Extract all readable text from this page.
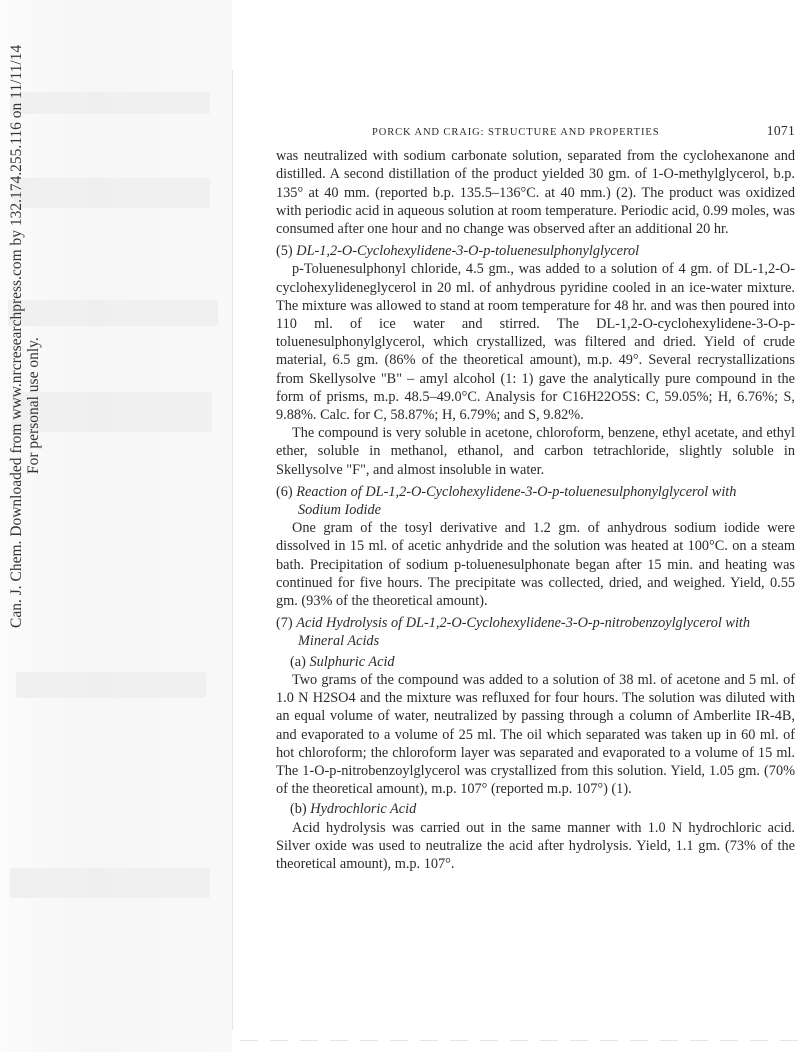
Can. J. Chem. Downloaded from www.nrcresearchpress.com by 132.174.255.116 on 11/11/14 For personal use only.
PORCK AND CRAIG: STRUCTURE AND PROPERTIES	1071

was neutralized with sodium carbonate solution, separated from the cyclohexanone and distilled. A second distillation of the product yielded 30 gm. of 1-O-methylglycerol, b.p. 135° at 40 mm. (reported b.p. 135.5–136°C. at 40 mm.) (2). The product was oxidized with periodic acid in aqueous solution at room temperature. Periodic acid, 0.99 moles, was consumed after one hour and no change was observed after an additional 20 hr.

(5) DL-1,2-O-Cyclohexylidene-3-O-p-toluenesulphonylglycerol

p-Toluenesulphonyl chloride, 4.5 gm., was added to a solution of 4 gm. of DL-1,2-O-cyclohexylideneglycerol in 20 ml. of anhydrous pyridine cooled in an ice-water mixture. The mixture was allowed to stand at room temperature for 48 hr. and was then poured into 110 ml. of ice water and stirred. The DL-1,2-O-cyclohexylidene-3-O-p-toluenesulphonylglycerol, which crystallized, was filtered and dried. Yield of crude material, 6.5 gm. (86% of the theoretical amount), m.p. 49°. Several recrystallizations from Skellysolve "B" – amyl alcohol (1: 1) gave the analytically pure compound in the form of prisms, m.p. 48.5–49.0°C. Analysis for C16H22O5S: C, 59.05%; H, 6.76%; S, 9.88%. Calc. for C, 58.87%; H, 6.79%; and S, 9.82%.

The compound is very soluble in acetone, chloroform, benzene, ethyl acetate, and ethyl ether, soluble in methanol, ethanol, and carbon tetrachloride, slightly soluble in Skellysolve "F", and almost insoluble in water.

(6) Reaction of DL-1,2-O-Cyclohexylidene-3-O-p-toluenesulphonylglycerol with
Sodium Iodide

One gram of the tosyl derivative and 1.2 gm. of anhydrous sodium iodide were dissolved in 15 ml. of acetic anhydride and the solution was heated at 100°C. on a steam bath. Precipitation of sodium p-toluenesulphonate began after 15 min. and heating was continued for five hours. The precipitate was collected, dried, and weighed. Yield, 0.55 gm. (93% of the theoretical amount).

(7) Acid Hydrolysis of DL-1,2-O-Cyclohexylidene-3-O-p-nitrobenzoylglycerol with
Mineral Acids
(a) Sulphuric Acid

Two grams of the compound was added to a solution of 38 ml. of acetone and 5 ml. of 1.0 N H2SO4 and the mixture was refluxed for four hours. The solution was diluted with an equal volume of water, neutralized by passing through a column of Amberlite IR-4B, and evaporated to a volume of 25 ml. The oil which separated was taken up in 60 ml. of hot chloroform; the chloroform layer was separated and evaporated to a volume of 15 ml. The 1-O-p-nitrobenzoylglycerol was crystallized from this solution. Yield, 1.05 gm. (70% of the theoretical amount), m.p. 107° (reported m.p. 107°) (1).

(b) Hydrochloric Acid

Acid hydrolysis was carried out in the same manner with 1.0 N hydrochloric acid. Silver oxide was used to neutralize the acid after hydrolysis. Yield, 1.1 gm. (73% of the theoretical amount), m.p. 107°.
